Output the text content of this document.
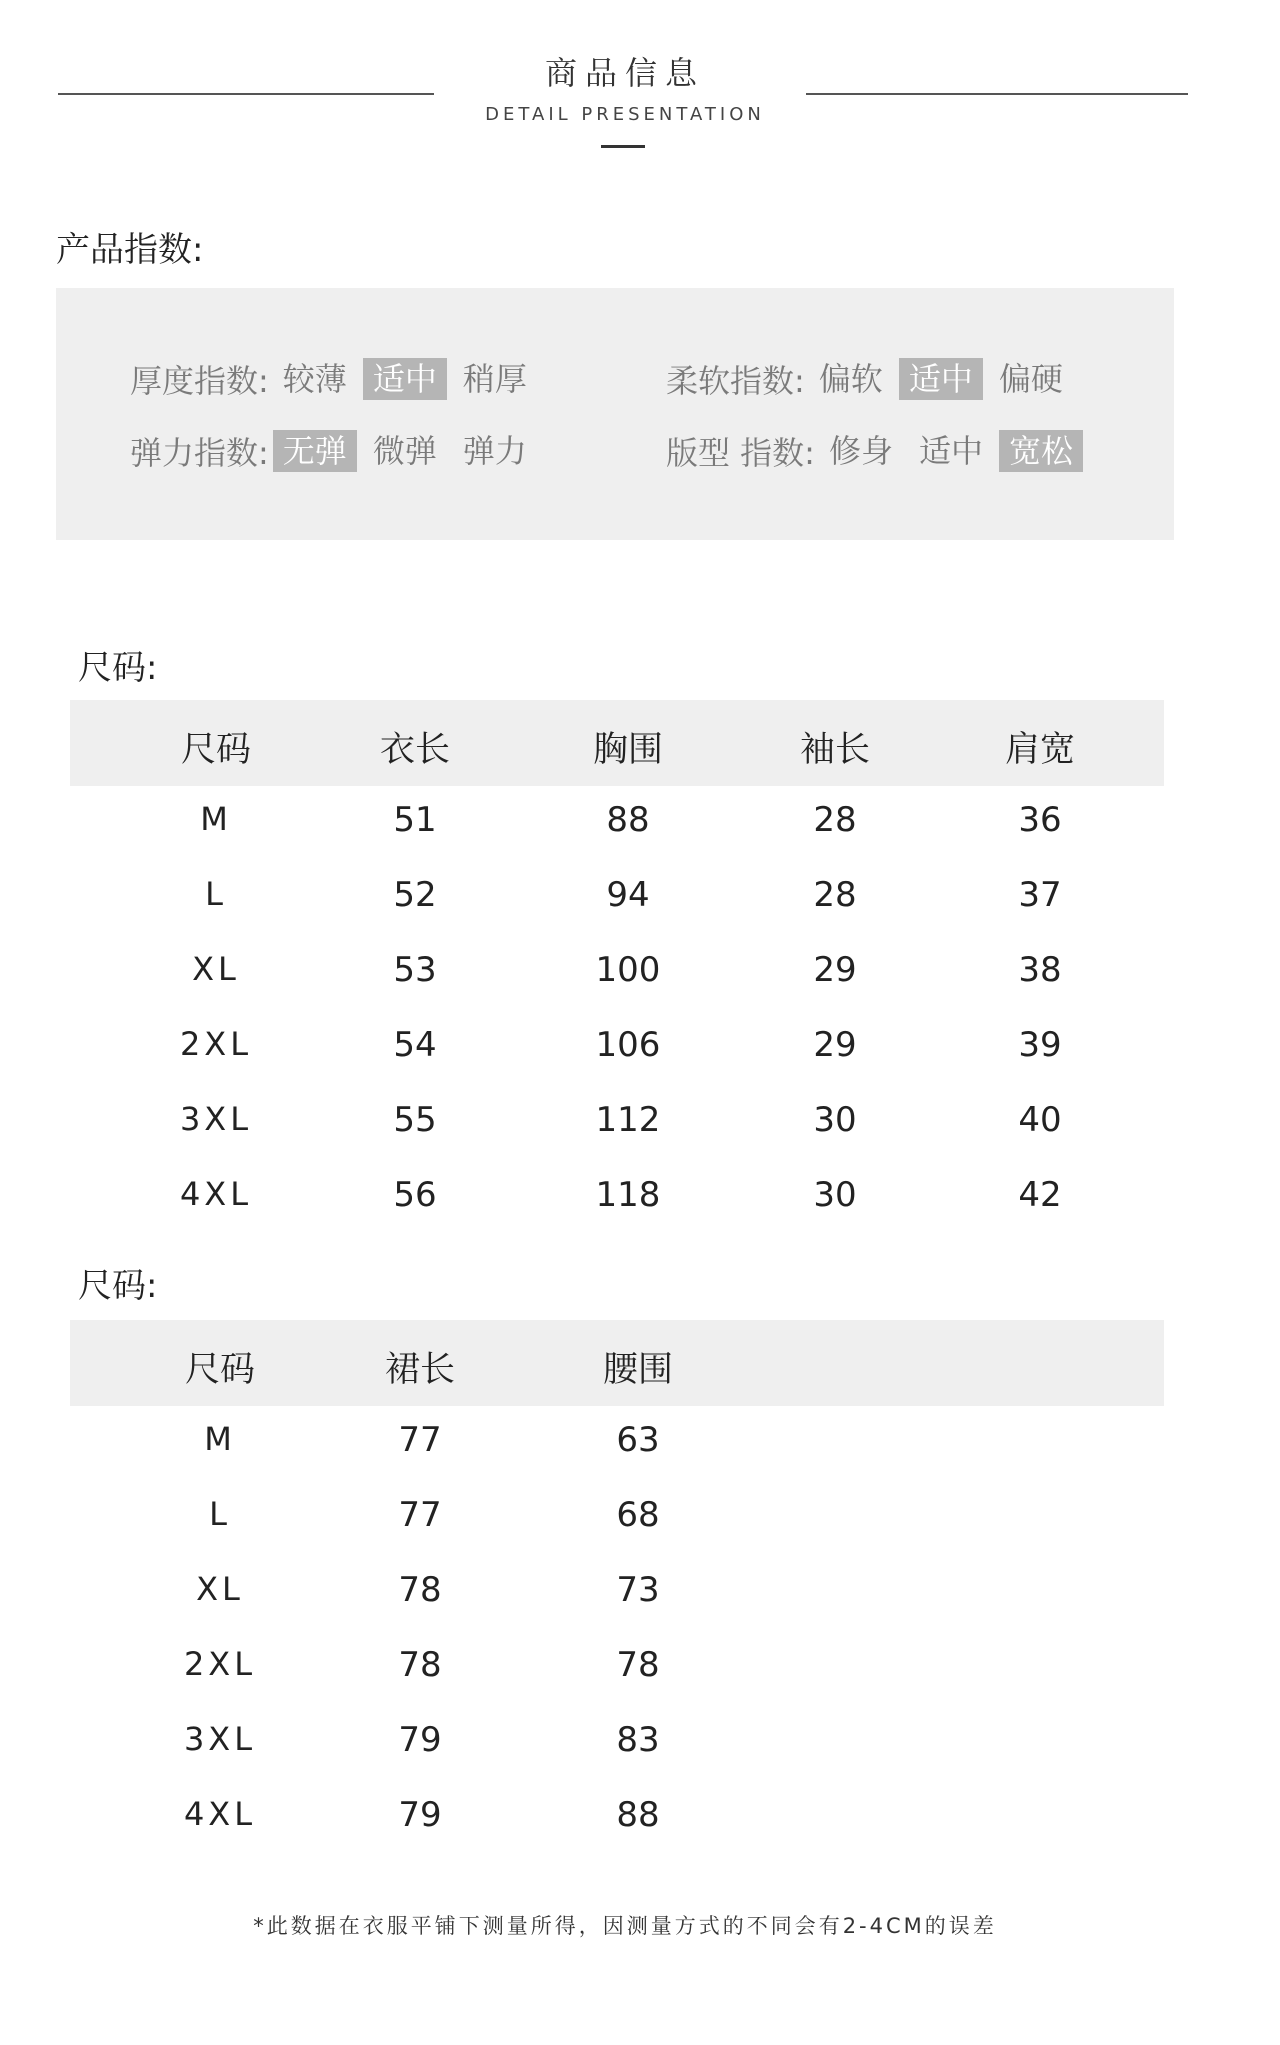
商品信息
DETAIL PRESENTATION
产品指数:
厚度指数: 较薄 适中 稍厚	柔软指数: 偏软 适中 偏硬
弹力指数: 无弹 微弹 弹力	版型 指数: 修身 适中 宽松
尺码:
尺码	衣长	胸围	袖长	肩宽
M	51	88	28	36
L	52	94	28	37
XL	53	100	29	38
2XL	54	106	29	39
3XL	55	112	30	40
4XL	56	118	30	42
尺码:
尺码	裙长	腰围
M	77	63
L	77	68
XL	78	73
2XL	78	78
3XL	79	83
4XL	79	88
*此数据在衣服平铺下测量所得，因测量方式的不同会有2-4CM的误差
